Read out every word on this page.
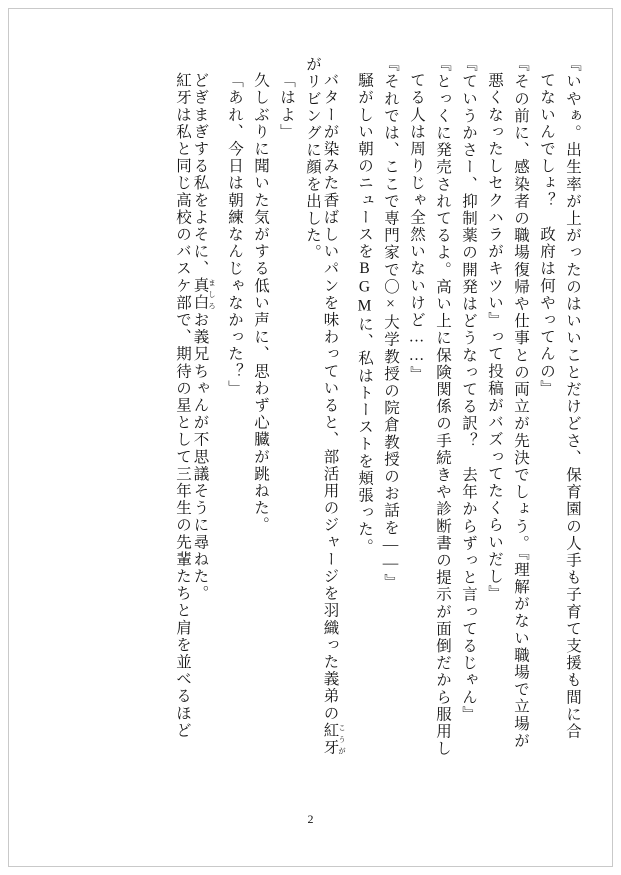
『いやぁ。出生率が上がったのはいいことだけどさ、保育園の人手も子育て支援も間に合
てないんでしょ？　政府は何やってんの』
『その前に、感染者の職場復帰や仕事との両立が先決でしょう。『理解がない職場で立場が
悪くなったしセクハラがキツい』って投稿がバズってたくらいだし』
『ていうかさー、抑制薬の開発はどうなってる訳？　去年からずっと言ってるじゃん』
『とっくに発売されてるよ。高い上に保険関係の手続きや診断書の提示が面倒だから服用し
てる人は周りじゃ全然いないけど……』
『それでは、ここで専門家で〇×大学教授の院倉教授のお話を――』
騒がしい朝のニュースをBGMに、私はトーストを頬張った。
バターが染みた香ばしいパンを味わっていると、部活用のジャージを羽織った義弟の紅牙 こうが
がリビングに顔を出した。
「はよ」
久しぶりに聞いた気がする低い声に、思わず心臓が跳ねた。
「あれ、今日は朝練なんじゃなかった？」
どぎまぎする私をよそに、真白 ましろお義兄ちゃんが不思議そうに尋ねた。
紅牙は私と同じ高校のバスケ部で、期待の星として三年生の先輩たちと肩を並べるほど
2
